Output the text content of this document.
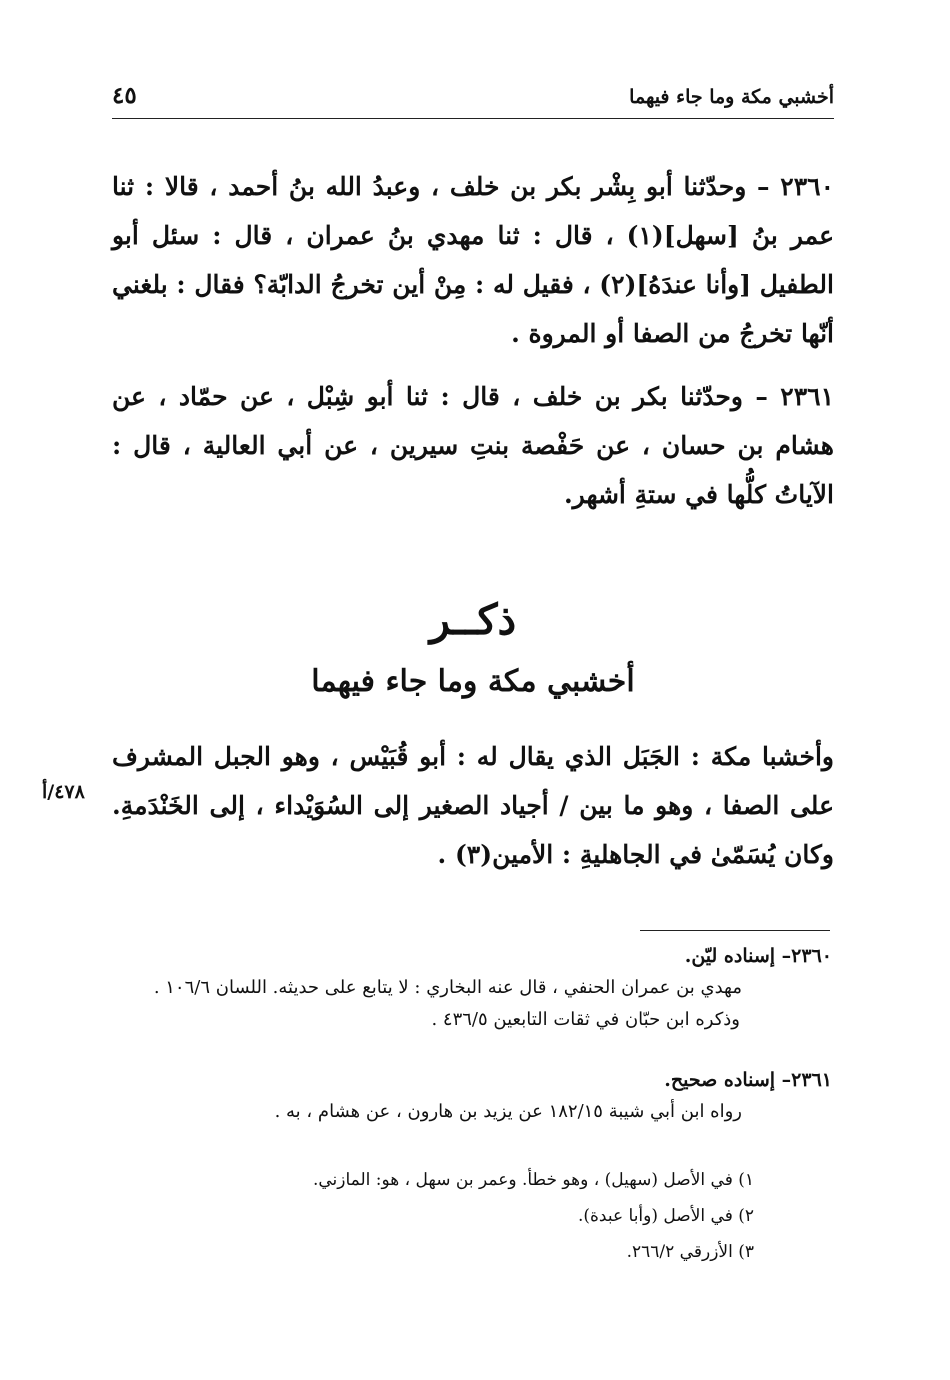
أخشبي مكة وما جاء فيهما
٤٥

٢٣٦٠ – وحدّثنا أبو بِشْر بكر بن خلف ، وعبدُ الله بنُ أحمد ، قالا : ثنا عمر بنُ [سهل](١) ، قال : ثنا مهدي بنُ عمران ، قال : سئل أبو الطفيل [وأنا عندَهُ](٢) ، فقيل له : مِنْ أين تخرجُ الدابّة؟ فقال : بلغني أنّها تخرجُ من الصفا أو المروة .

٢٣٦١ – وحدّثنا بكر بن خلف ، قال : ثنا أبو شِبْل ، عن حمّاد ، عن هشام بن حسان ، عن حَفْصة بنتِ سيرين ، عن أبي العالية ، قال : الآياتُ كلُّها في ستةِ أشهر.

ذكــر
أخشبي مكة وما جاء فيهما

وأخشبا مكة : الجَبَل الذي يقال له : أبو قُبَيْس ، وهو الجبل المشرف على الصفا ، وهو ما بين / أجياد الصغير إلى السُوَيْداء ، إلى الخَنْدَمةِ. وكان يُسَمّىٰ في الجاهليةِ : الأمين(٣) .

٤٧٨/أ
٢٣٦٠– إسناده ليّن.
مهدي بن عمران الحنفي ، قال عنه البخاري : لا يتابع على حديثه. اللسان ١٠٦/٦ .
وذكره ابن حبّان في ثقات التابعين ٤٣٦/٥ .
٢٣٦١– إسناده صحيح.
رواه ابن أبي شيبة ١٨٢/١٥ عن يزيد بن هارون ، عن هشام ، به .
١) في الأصل (سهيل) ، وهو خطأ. وعمر بن سهل ، هو: المازني.
٢) في الأصل (وأبا عبدة).
٣) الأزرقي ٢٦٦/٢.
